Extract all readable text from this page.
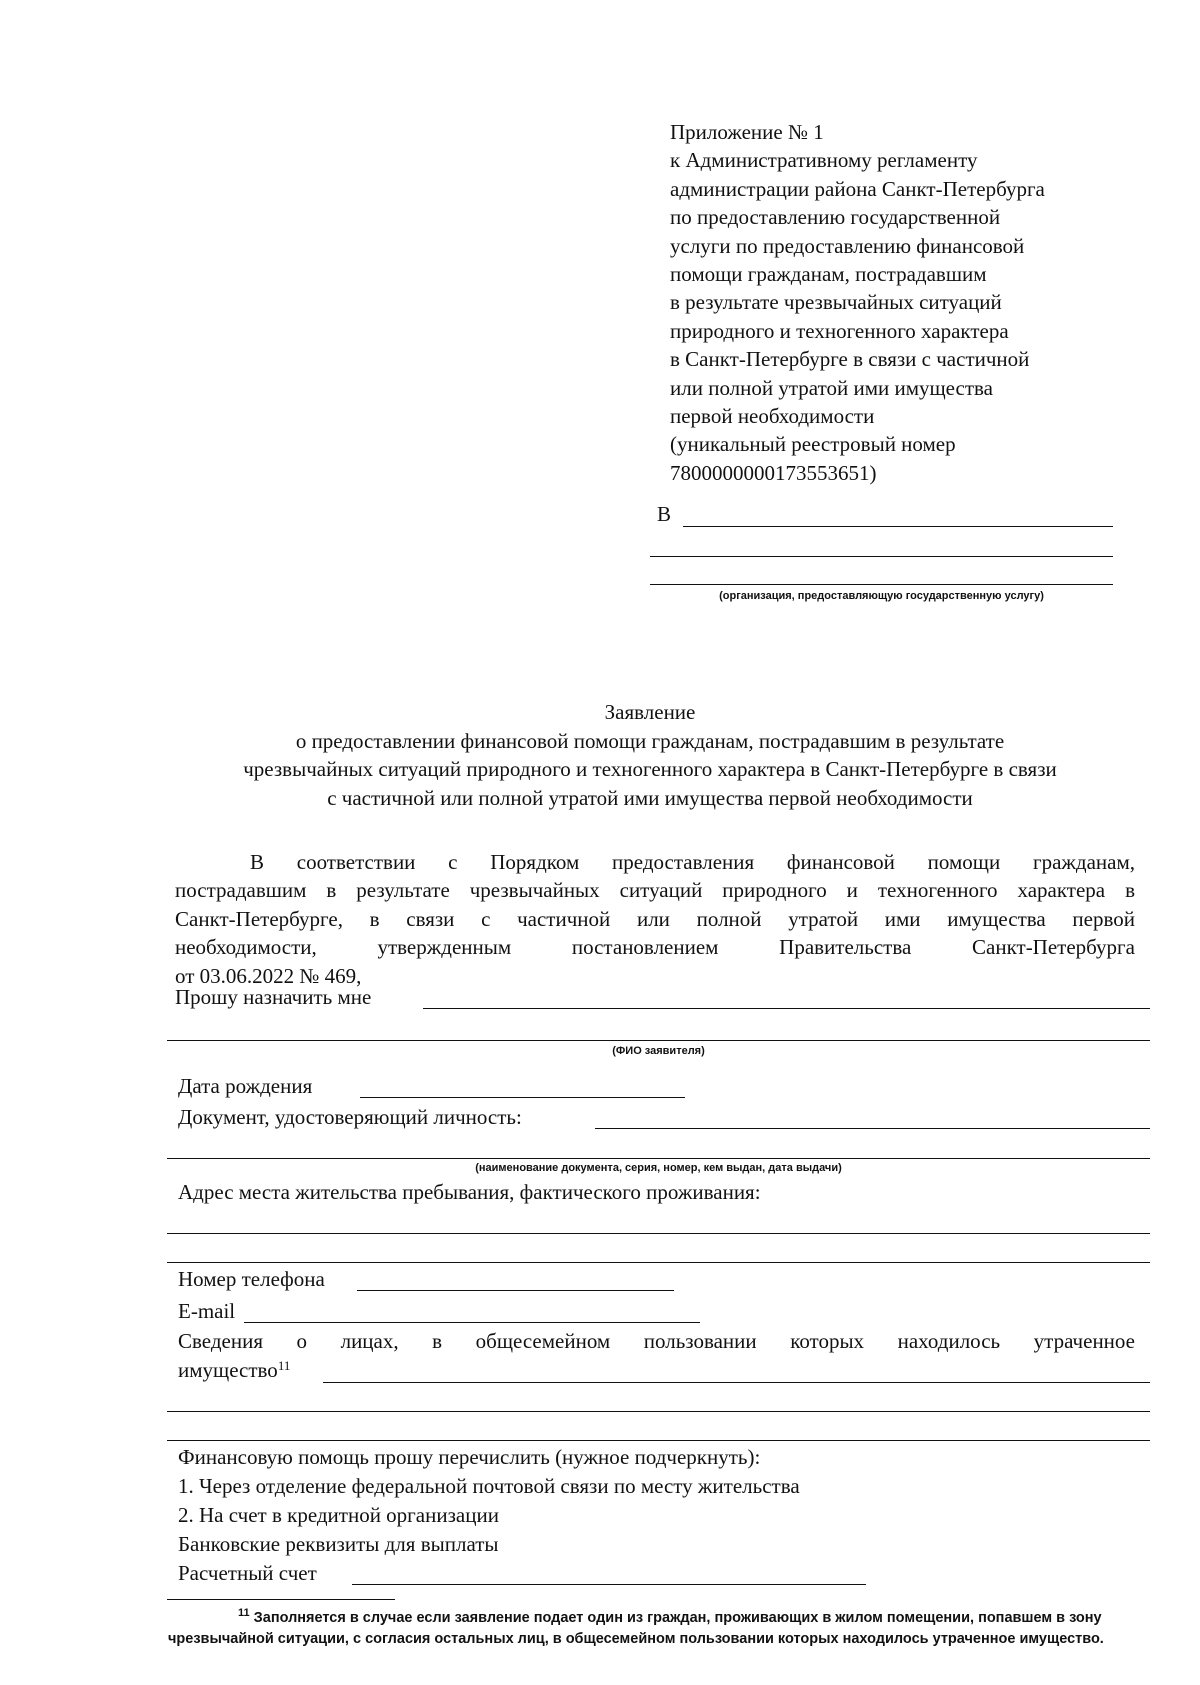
Приложение № 1
к Административному регламенту
администрации района Санкт-Петербурга
по предоставлению государственной
услуги по предоставлению финансовой
помощи гражданам, пострадавшим
в результате чрезвычайных ситуаций
природного и техногенного характера
в Санкт-Петербурге в связи с частичной
или полной утратой ими имущества
первой необходимости
(уникальный реестровый номер
7800000000173553651)
В
(организация, предоставляющую государственную услугу)
Заявление
о предоставлении финансовой помощи гражданам, пострадавшим в результате
чрезвычайных ситуаций природного и техногенного характера в Санкт-Петербурге в связи
с частичной или полной утратой ими имущества первой необходимости
В соответствии с Порядком предоставления финансовой помощи гражданам,
пострадавшим в результате чрезвычайных ситуаций природного и техногенного характера в
Санкт-Петербурге, в связи с частичной или полной утратой ими имущества первой
необходимости, утвержденным постановлением Правительства Санкт-Петербурга
от 03.06.2022 № 469,
Прошу назначить мне
(ФИО заявителя)
Дата рождения
Документ, удостоверяющий личность:
(наименование документа, серия, номер, кем выдан, дата выдачи)
Адрес места жительства пребывания, фактического проживания:
Номер телефона
E-mail
Сведения о лицах, в общесемейном пользовании которых находилось утраченное
имущество$^{11}$
Финансовую помощь прошу перечислить (нужное подчеркнуть):
1. Через отделение федеральной почтовой связи по месту жительства
2. На счет в кредитной организации
Банковские реквизиты для выплаты
Расчетный счет
$^{11}$ Заполняется в случае если заявление подает один из граждан, проживающих в жилом помещении, попавшем в зону чрезвычайной ситуации, с согласия остальных лиц, в общесемейном пользовании которых находилось утраченное имущество.
